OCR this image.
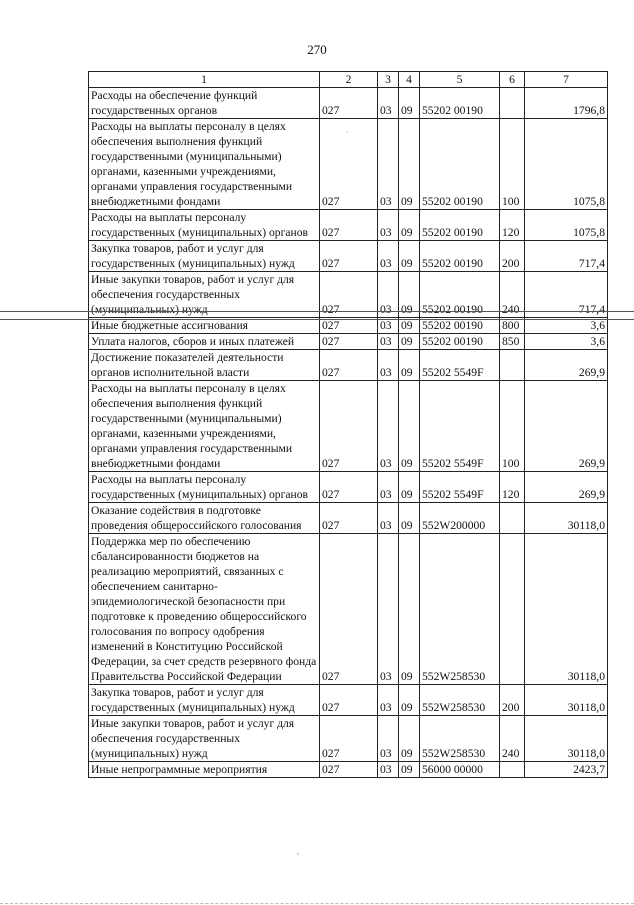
270
1	2	3	4	5	6	7
Расходы на обеспечение функций государственных органов	027	03	09	55202 00190		1796,8
Расходы на выплаты персоналу в целях обеспечения выполнения функций государственными (муниципальными) органами, казенными учреждениями, органами управления государственными внебюджетными фондами	027	03	09	55202 00190	100	1075,8
Расходы на выплаты персоналу государственных (муниципальных) органов	027	03	09	55202 00190	120	1075,8
Закупка товаров, работ и услуг для государственных (муниципальных) нужд	027	03	09	55202 00190	200	717,4
Иные закупки товаров, работ и услуг для обеспечения государственных (муниципальных) нужд	027	03	09	55202 00190	240	717,4
Иные бюджетные ассигнования	027	03	09	55202 00190	800	3,6
Уплата налогов, сборов и иных платежей	027	03	09	55202 00190	850	3,6
Достижение показателей деятельности органов исполнительной власти	027	03	09	55202 5549F		269,9
Расходы на выплаты персоналу в целях обеспечения выполнения функций государственными (муниципальными) органами, казенными учреждениями, органами управления государственными внебюджетными фондами	027	03	09	55202 5549F	100	269,9
Расходы на выплаты персоналу государственных (муниципальных) органов	027	03	09	55202 5549F	120	269,9
Оказание содействия в подготовке проведения общероссийского голосования	027	03	09	552W200000		30118,0
Поддержка мер по обеспечению сбалансированности бюджетов на реализацию мероприятий, связанных с обеспечением санитарно-эпидемиологической безопасности при подготовке к проведению общероссийского голосования по вопросу одобрения изменений в Конституцию Российской Федерации, за счет средств резервного фонда Правительства Российской Федерации	027	03	09	552W258530		30118,0
Закупка товаров, работ и услуг для государственных (муниципальных) нужд	027	03	09	552W258530	200	30118,0
Иные закупки товаров, работ и услуг для обеспечения государственных (муниципальных) нужд	027	03	09	552W258530	240	30118,0
Иные непрограммные мероприятия	027	03	09	56000 00000		2423,7
·
˛
